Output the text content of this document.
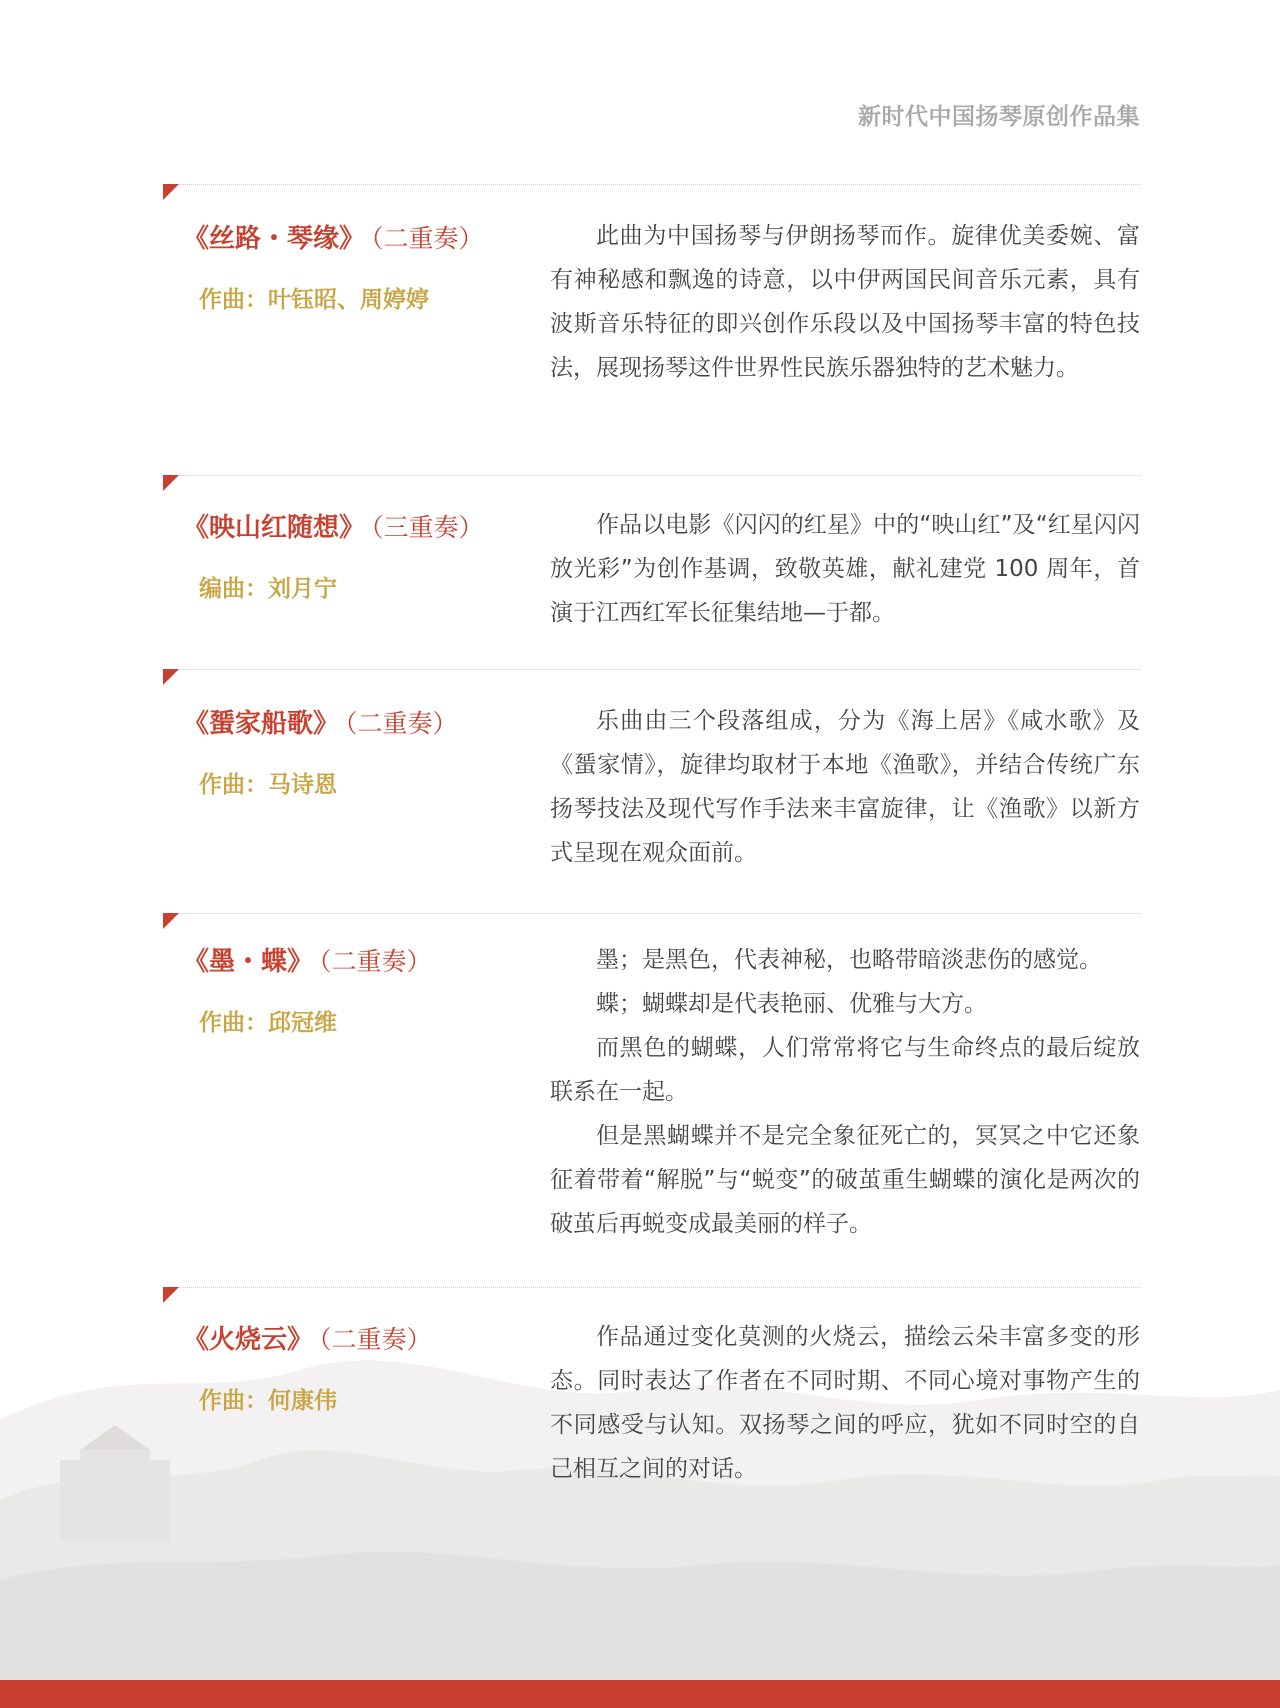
新时代中国扬琴原创作品集
《丝路・琴缘》 （二重奏）
作曲：叶钰昭、周婷婷

此曲为中国扬琴与伊朗扬琴而作。旋律优美委婉、富有神秘感和飘逸的诗意，以中伊两国民间音乐元素，具有波斯音乐特征的即兴创作乐段以及中国扬琴丰富的特色技法，展现扬琴这件世界性民族乐器独特的艺术魅力。

《映山红随想》 （三重奏）
编曲：刘月宁

作品以电影《闪闪的红星》中的“映山红”及“红星闪闪放光彩”为创作基调，致敬英雄，献礼建党 100 周年，首演于江西红军长征集结地—于都。

《蜑家船歌》 （二重奏）
作曲：马诗恩

乐曲由三个段落组成，分为《海上居》《咸水歌》及《蜑家情》，旋律均取材于本地《渔歌》，并结合传统广东扬琴技法及现代写作手法来丰富旋律，让《渔歌》以新方式呈现在观众面前。

《墨・蝶》 （二重奏）
作曲：邱冠维

墨；是黑色，代表神秘，也略带暗淡悲伤的感觉。

蝶；蝴蝶却是代表艳丽、优雅与大方。

而黑色的蝴蝶，人们常常将它与生命终点的最后绽放联系在一起。

但是黑蝴蝶并不是完全象征死亡的，冥冥之中它还象征着带着“解脱”与“蜕变”的破茧重生蝴蝶的演化是两次的破茧后再蜕变成最美丽的样子。

《火烧云》 （二重奏）
作曲：何康伟

作品通过变化莫测的火烧云，描绘云朵丰富多变的形态。同时表达了作者在不同时期、不同心境对事物产生的不同感受与认知。双扬琴之间的呼应，犹如不同时空的自己相互之间的对话。
